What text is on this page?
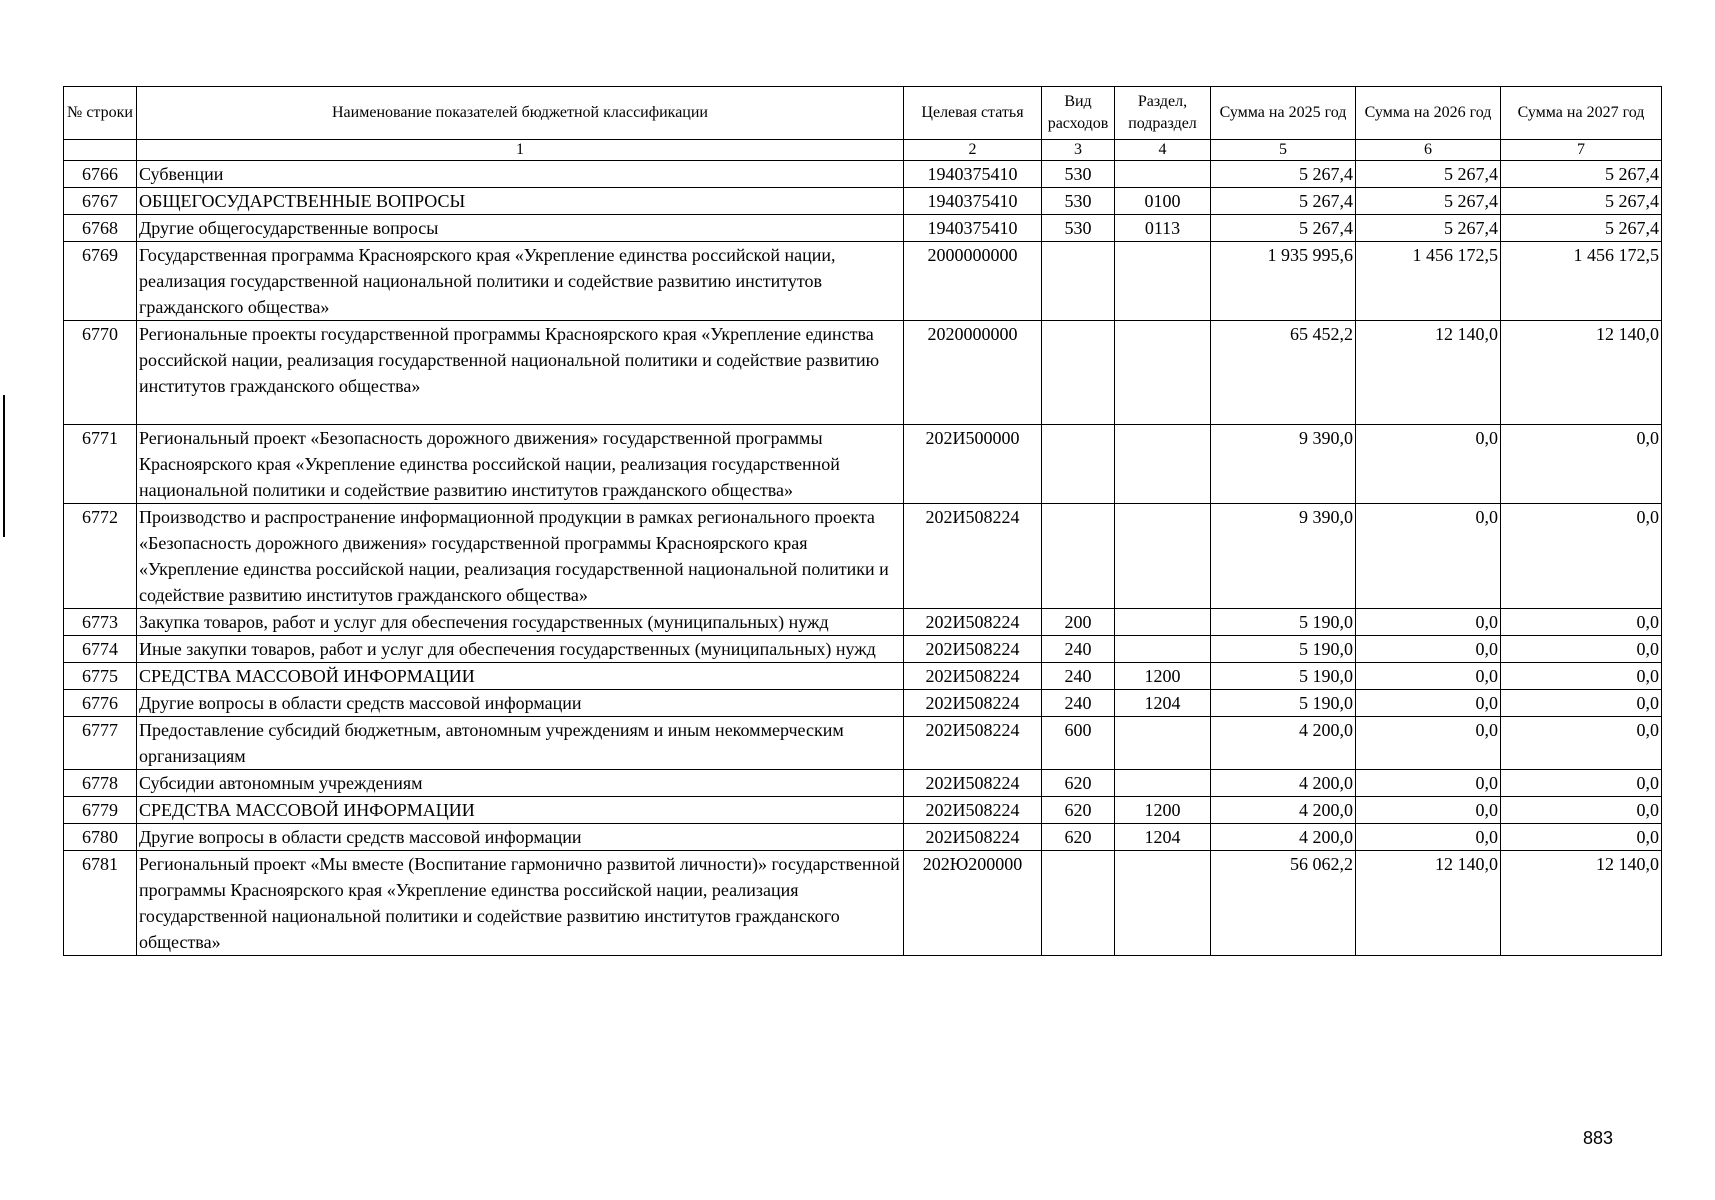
№ строки	Наименование показателей бюджетной классификации	Целевая статья	Вид расходов	Раздел, подраздел	Сумма на 2025 год	Сумма на 2026 год	Сумма на 2027 год
	1	2	3	4	5	6	7
6766	Субвенции	1940375410	530		5 267,4	5 267,4	5 267,4
6767	ОБЩЕГОСУДАРСТВЕННЫЕ ВОПРОСЫ	1940375410	530	0100	5 267,4	5 267,4	5 267,4
6768	Другие общегосударственные вопросы	1940375410	530	0113	5 267,4	5 267,4	5 267,4
6769	Государственная программа Красноярского края «Укрепление единства российской нации, реализация государственной национальной политики и содействие развитию институтов гражданского общества»	2000000000			1 935 995,6	1 456 172,5	1 456 172,5
6770	Региональные проекты государственной программы Красноярского края «Укрепление единства российской нации, реализация государственной национальной политики и содействие развитию институтов гражданского общества»	2020000000			65 452,2	12 140,0	12 140,0
6771	Региональный проект «Безопасность дорожного движения» государственной программы Красноярского края «Укрепление единства российской нации, реализация государственной национальной политики и содействие развитию институтов гражданского общества»	202И500000			9 390,0	0,0	0,0
6772	Производство и распространение информационной продукции в рамках регионального проекта «Безопасность дорожного движения» государственной программы Красноярского края «Укрепление единства российской нации, реализация государственной национальной политики и содействие развитию институтов гражданского общества»	202И508224			9 390,0	0,0	0,0
6773	Закупка товаров, работ и услуг для обеспечения государственных (муниципальных) нужд	202И508224	200		5 190,0	0,0	0,0
6774	Иные закупки товаров, работ и услуг для обеспечения государственных (муниципальных) нужд	202И508224	240		5 190,0	0,0	0,0
6775	СРЕДСТВА МАССОВОЙ ИНФОРМАЦИИ	202И508224	240	1200	5 190,0	0,0	0,0
6776	Другие вопросы в области средств массовой информации	202И508224	240	1204	5 190,0	0,0	0,0
6777	Предоставление субсидий бюджетным, автономным учреждениям и иным некоммерческим организациям	202И508224	600		4 200,0	0,0	0,0
6778	Субсидии автономным учреждениям	202И508224	620		4 200,0	0,0	0,0
6779	СРЕДСТВА МАССОВОЙ ИНФОРМАЦИИ	202И508224	620	1200	4 200,0	0,0	0,0
6780	Другие вопросы в области средств массовой информации	202И508224	620	1204	4 200,0	0,0	0,0
6781	Региональный проект «Мы вместе (Воспитание гармонично развитой личности)» государственной программы Красноярского края «Укрепление единства российской нации, реализация государственной национальной политики и содействие развитию институтов гражданского общества»	202Ю200000			56 062,2	12 140,0	12 140,0
883
